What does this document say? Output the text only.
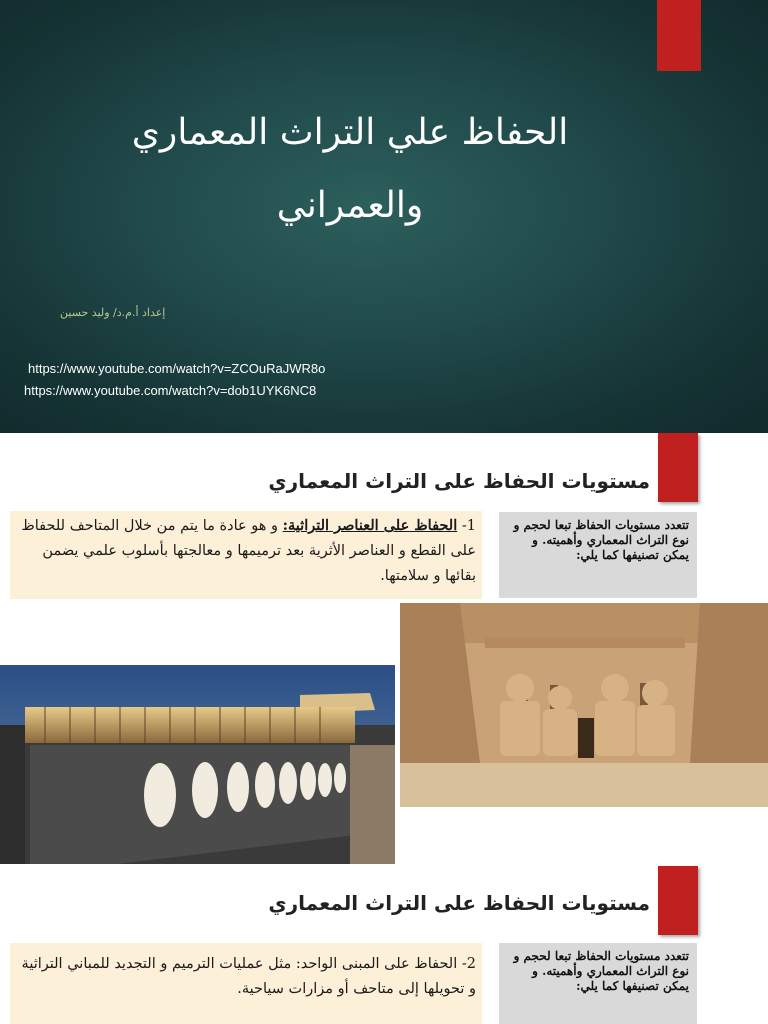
الحفاظ علي التراث المعماري
والعمراني
إعداد أ.م.د/ وليد حسين
https://www.youtube.com/watch?v=ZCOuRaJWR8o
https://www.youtube.com/watch?v=dob1UYK6NC8
مستويات الحفاظ على التراث المعماري
1- الحفاظ على العناصر التراثية: و هو عادة ما يتم من خلال المتاحف للحفاظ على القطع و العناصر الأثرية بعد ترميمها و معالجتها بأسلوب علمي يضمن بقائها و سلامتها.
تتعدد مستويات الحفاظ تبعا لحجم و نوع التراث المعماري وأهميته. و يمكن تصنيفها كما يلي:
مستويات الحفاظ على التراث المعماري
2- الحفاظ على المبنى الواحد: مثل عمليات الترميم و التجديد للمباني التراثية و تحويلها إلى متاحف أو مزارات سياحية.
تتعدد مستويات الحفاظ تبعا لحجم و نوع التراث المعماري وأهميته. و يمكن تصنيفها كما يلي:
